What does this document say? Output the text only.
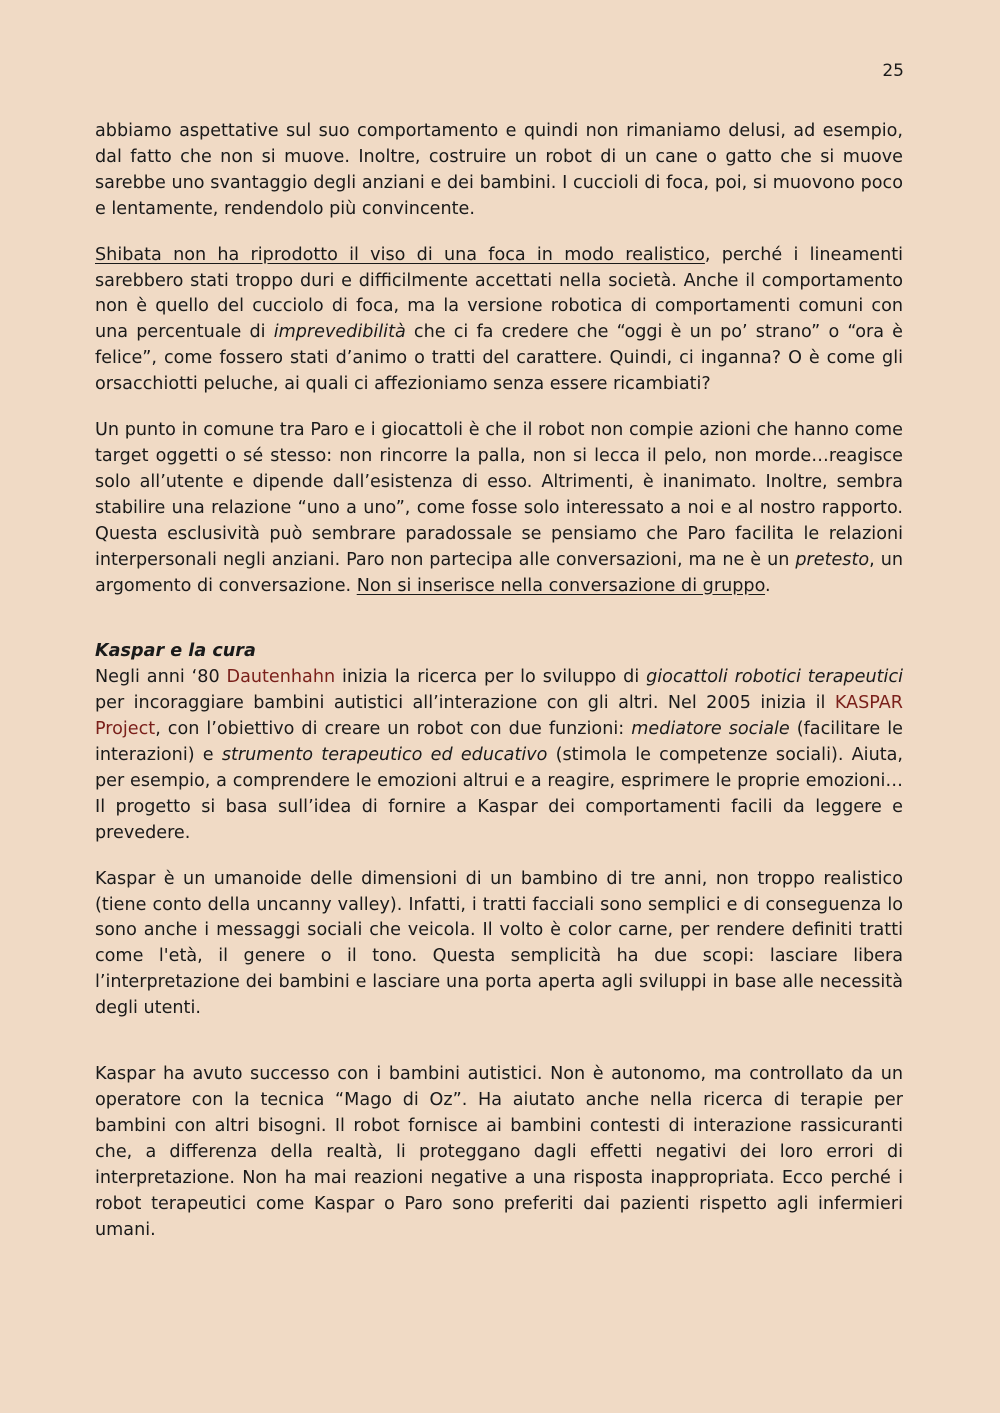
25

abbiamo aspettative sul suo comportamento e quindi non rimaniamo delusi, ad esempio, dal fatto che non si muove. Inoltre, costruire un robot di un cane o gatto che si muove sarebbe uno svantaggio degli anziani e dei bambini. I cuccioli di foca, poi, si muovono poco e lentamente, rendendolo più convincente.

Shibata non ha riprodotto il viso di una foca in modo realistico, perché i lineamenti sarebbero stati troppo duri e difficilmente accettati nella società. Anche il comportamento non è quello del cucciolo di foca, ma la versione robotica di comportamenti comuni con una percentuale di imprevedibilità che ci fa credere che “oggi è un po’ strano” o “ora è felice”, come fossero stati d’animo o tratti del carattere. Quindi, ci inganna? O è come gli orsacchiotti peluche, ai quali ci affezioniamo senza essere ricambiati?

Un punto in comune tra Paro e i giocattoli è che il robot non compie azioni che hanno come target oggetti o sé stesso: non rincorre la palla, non si lecca il pelo, non morde…reagisce solo all’utente e dipende dall’esistenza di esso. Altrimenti, è inanimato. Inoltre, sembra stabilire una relazione “uno a uno”, come fosse solo interessato a noi e al nostro rapporto. Questa esclusività può sembrare paradossale se pensiamo che Paro facilita le relazioni interpersonali negli anziani. Paro non partecipa alle conversazioni, ma ne è un pretesto, un argomento di conversazione. Non si inserisce nella conversazione di gruppo.

Kaspar e la cura

Negli anni ‘80 Dautenhahn inizia la ricerca per lo sviluppo di giocattoli robotici terapeutici per incoraggiare bambini autistici all’interazione con gli altri. Nel 2005 inizia il KASPAR Project, con l’obiettivo di creare un robot con due funzioni: mediatore sociale (facilitare le interazioni) e strumento terapeutico ed educativo (stimola le competenze sociali). Aiuta, per esempio, a comprendere le emozioni altrui e a reagire, esprimere le proprie emozioni…Il progetto si basa sull’idea di fornire a Kaspar dei comportamenti facili da leggere e prevedere.

Kaspar è un umanoide delle dimensioni di un bambino di tre anni, non troppo realistico (tiene conto della uncanny valley). Infatti, i tratti facciali sono semplici e di conseguenza lo sono anche i messaggi sociali che veicola. Il volto è color carne, per rendere definiti tratti come l'età, il genere o il tono. Questa semplicità ha due scopi: lasciare libera l’interpretazione dei bambini e lasciare una porta aperta agli sviluppi in base alle necessità degli utenti.

Kaspar ha avuto successo con i bambini autistici. Non è autonomo, ma controllato da un operatore con la tecnica “Mago di Oz”. Ha aiutato anche nella ricerca di terapie per bambini con altri bisogni. Il robot fornisce ai bambini contesti di interazione rassicuranti che, a differenza della realtà, li proteggano dagli effetti negativi dei loro errori di interpretazione. Non ha mai reazioni negative a una risposta inappropriata. Ecco perché i robot terapeutici come Kaspar o Paro sono preferiti dai pazienti rispetto agli infermieri umani.
